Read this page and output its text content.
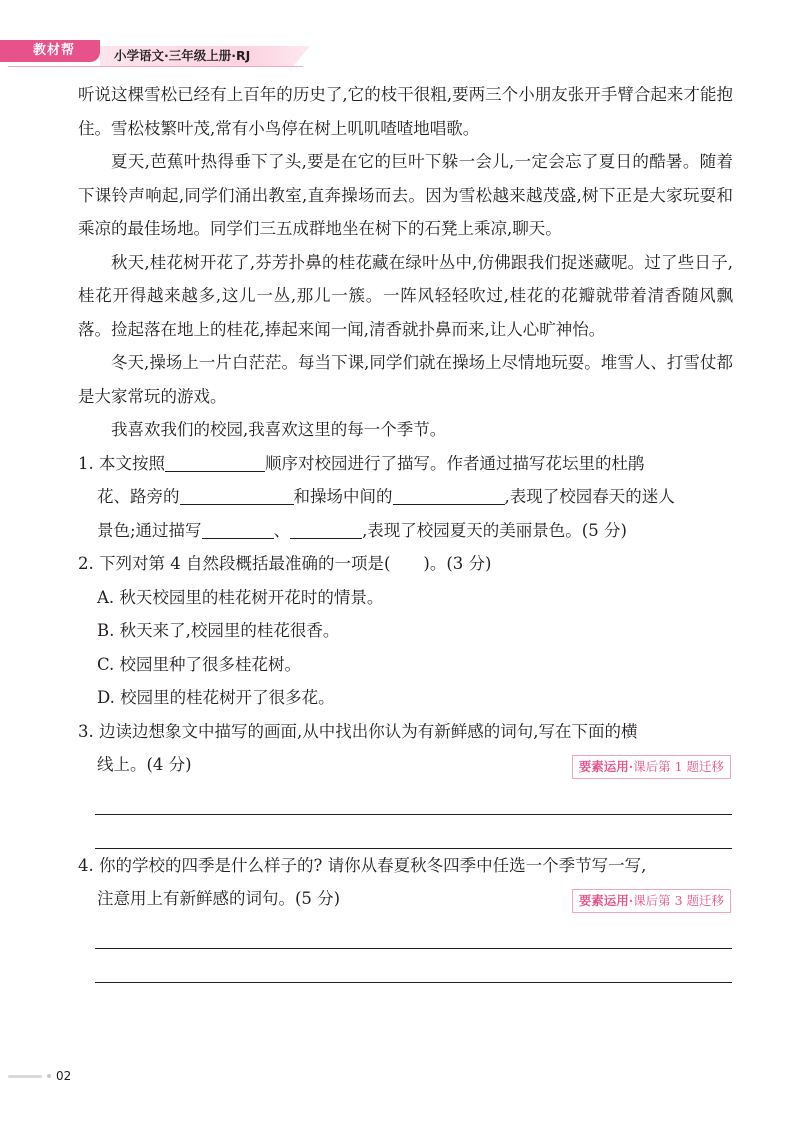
教材帮	小学语文·三年级上册·RJ

听说这棵雪松已经有上百年的历史了,它的枝干很粗,要两三个小朋友张开手臂合起来才能抱住。雪松枝繁叶茂,常有小鸟停在树上叽叽喳喳地唱歌。

夏天,芭蕉叶热得垂下了头,要是在它的巨叶下躲一会儿,一定会忘了夏日的酷暑。随着下课铃声响起,同学们涌出教室,直奔操场而去。因为雪松越来越茂盛,树下正是大家玩耍和乘凉的最佳场地。同学们三五成群地坐在树下的石凳上乘凉,聊天。

秋天,桂花树开花了,芬芳扑鼻的桂花藏在绿叶丛中,仿佛跟我们捉迷藏呢。过了些日子,桂花开得越来越多,这儿一丛,那儿一簇。一阵风轻轻吹过,桂花的花瓣就带着清香随风飘落。捡起落在地上的桂花,捧起来闻一闻,清香就扑鼻而来,让人心旷神怡。

冬天,操场上一片白茫茫。每当下课,同学们就在操场上尽情地玩耍。堆雪人、打雪仗都是大家常玩的游戏。

我喜欢我们的校园,我喜欢这里的每一个季节。

1. 本文按照	顺序对校园进行了描写。作者通过描写花坛里的杜鹃
花、路旁的	和操场中间的	,表现了校园春天的迷人
景色;通过描写	、	,表现了校园夏天的美丽景色。(5 分)
2. 下列对第 4 自然段概括最准确的一项是(　　)。(3 分)
A. 秋天校园里的桂花树开花时的情景。
B. 秋天来了,校园里的桂花很香。
C. 校园里种了很多桂花树。
D. 校园里的桂花树开了很多花。
3. 边读边想象文中描写的画面,从中找出你认为有新鲜感的词句,写在下面的横
线上。(4 分)	要素运用·课后第 1 题迁移
4. 你的学校的四季是什么样子的? 请你从春夏秋冬四季中任选一个季节写一写,
注意用上有新鲜感的词句。(5 分)	要素运用·课后第 3 题迁移
02
